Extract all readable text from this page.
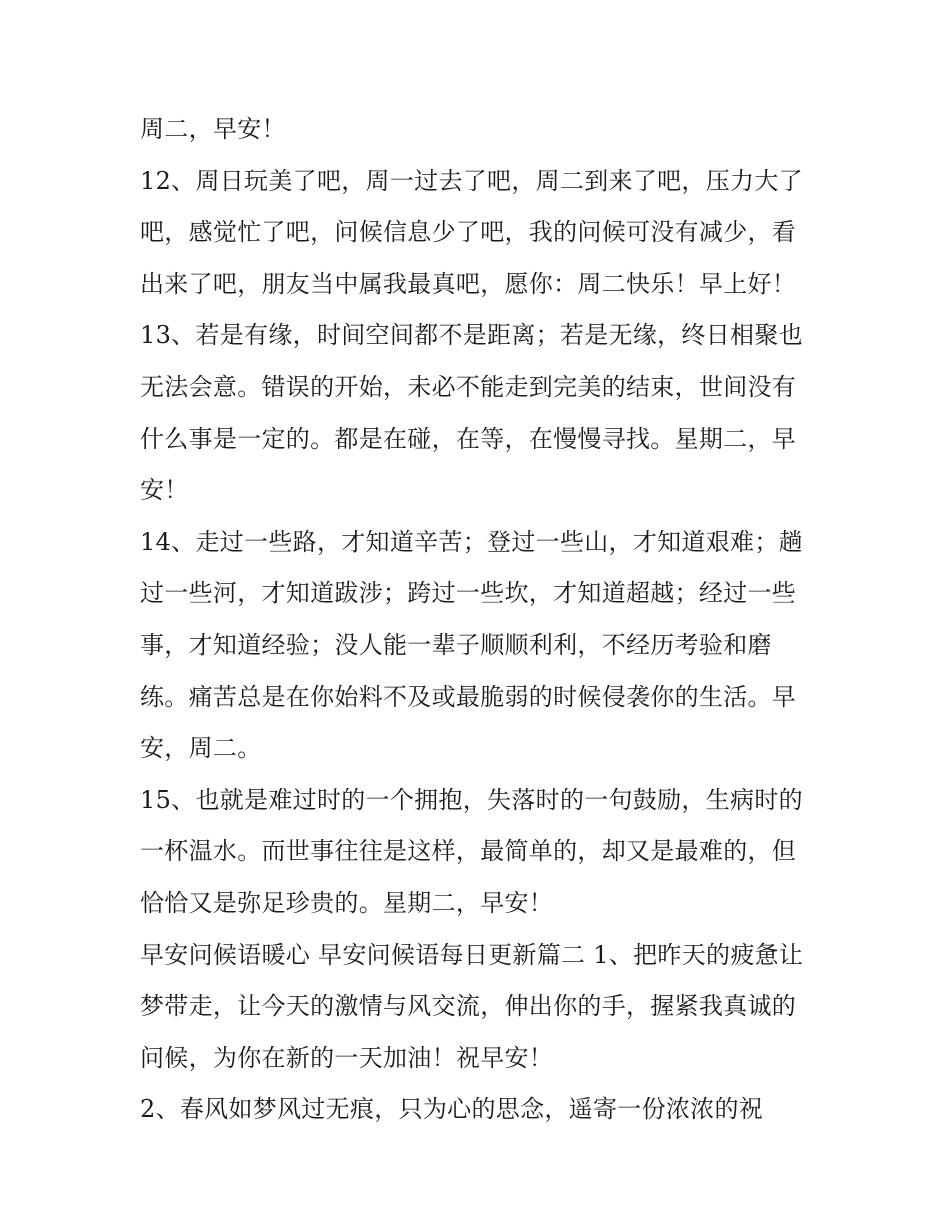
周二，早安！
12、周日玩美了吧，周一过去了吧，周二到来了吧，压力大了
吧，感觉忙了吧，问候信息少了吧，我的问候可没有减少，看
出来了吧，朋友当中属我最真吧，愿你：周二快乐！早上好！
13、若是有缘，时间空间都不是距离；若是无缘，终日相聚也
无法会意。错误的开始，未必不能走到完美的结束，世间没有
什么事是一定的。都是在碰，在等，在慢慢寻找。星期二，早
安！
14、走过一些路，才知道辛苦；登过一些山，才知道艰难；趟
过一些河，才知道跋涉；跨过一些坎，才知道超越；经过一些
事，才知道经验；没人能一辈子顺顺利利，不经历考验和磨
练。痛苦总是在你始料不及或最脆弱的时候侵袭你的生活。早
安，周二。
15、也就是难过时的一个拥抱，失落时的一句鼓励，生病时的
一杯温水。而世事往往是这样，最简单的，却又是最难的，但
恰恰又是弥足珍贵的。星期二，早安！
早安问候语暖心 早安问候语每日更新篇二 1、把昨天的疲惫让
梦带走，让今天的激情与风交流，伸出你的手，握紧我真诚的
问候，为你在新的一天加油！祝早安！
2、春风如梦风过无痕，只为心的思念，遥寄一份浓浓的祝
